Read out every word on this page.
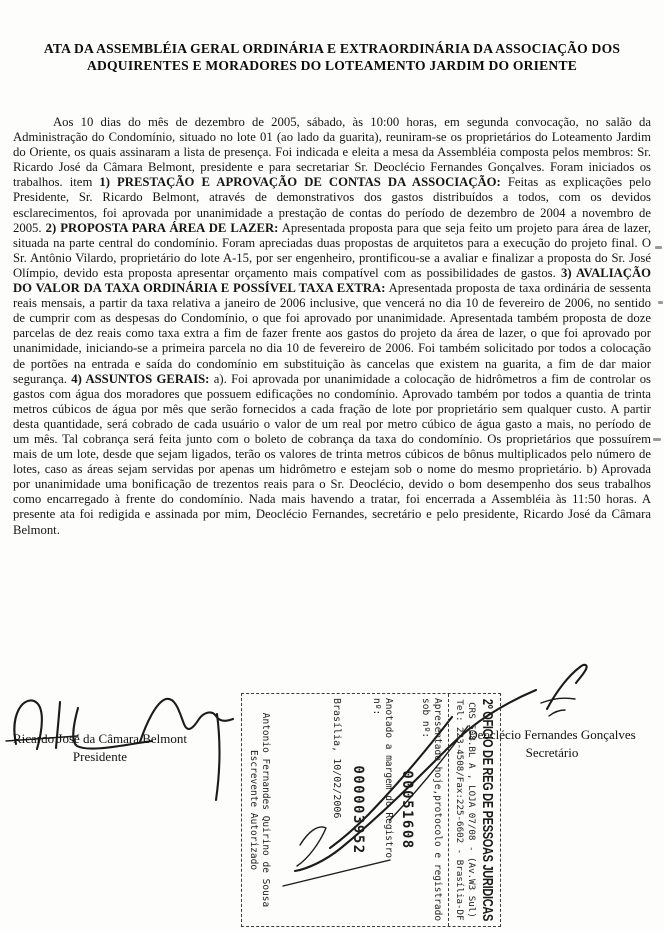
ATA DA ASSEMBLÉIA GERAL ORDINÁRIA E EXTRAORDINÁRIA DA ASSOCIAÇÃO DOS
ADQUIRENTES E MORADORES DO LOTEAMENTO JARDIM DO ORIENTE
Aos 10 dias do mês de dezembro de 2005, sábado, às 10:00 horas, em segunda convocação, no salão da Administração do Condomínio, situado no lote 01 (ao lado da guarita), reuniram-se os proprietários do Loteamento Jardim do Oriente, os quais assinaram a lista de presença. Foi indicada e eleita a mesa da Assembléia composta pelos membros: Sr. Ricardo José da Câmara Belmont, presidente e para secretariar Sr. Deoclécio Fernandes Gonçalves. Foram iniciados os trabalhos. item 1) PRESTAÇÃO E APROVAÇÃO DE CONTAS DA ASSOCIAÇÃO: Feitas as explicações pelo Presidente, Sr. Ricardo Belmont, através de demonstrativos dos gastos distribuídos a todos, com os devidos esclarecimentos, foi aprovada por unanimidade a prestação de contas do período de dezembro de 2004 a novembro de 2005. 2) PROPOSTA PARA ÁREA DE LAZER: Apresentada proposta para que seja feito um projeto para área de lazer, situada na parte central do condomínio. Foram apreciadas duas propostas de arquitetos para a execução do projeto final. O Sr. Antônio Vilardo, proprietário do lote A-15, por ser engenheiro, prontificou-se a avaliar e finalizar a proposta do Sr. José Olímpio, devido esta proposta apresentar orçamento mais compatível com as possibilidades de gastos. 3) AVALIAÇÃO DO VALOR DA TAXA ORDINÁRIA E POSSÍVEL TAXA EXTRA: Apresentada proposta de taxa ordinária de sessenta reais mensais, a partir da taxa relativa a janeiro de 2006 inclusive, que vencerá no dia 10 de fevereiro de 2006, no sentido de cumprir com as despesas do Condomínio, o que foi aprovado por unanimidade. Apresentada também proposta de doze parcelas de dez reais como taxa extra a fim de fazer frente aos gastos do projeto da área de lazer, o que foi aprovado por unanimidade, iniciando-se a primeira parcela no dia 10 de fevereiro de 2006. Foi também solicitado por todos a colocação de portões na entrada e saída do condomínio em substituição às cancelas que existem na guarita, a fim de dar maior segurança. 4) ASSUNTOS GERAIS: a). Foi aprovada por unanimidade a colocação de hidrômetros a fim de controlar os gastos com água dos moradores que possuem edificações no condomínio. Aprovado também por todos a quantia de trinta metros cúbicos de água por mês que serão fornecidos a cada fração de lote por proprietário sem qualquer custo. A partir desta quantidade, será cobrado de cada usuário o valor de um real por metro cúbico de água gasto a mais, no período de um mês. Tal cobrança será feita junto com o boleto de cobrança da taxa do condomínio. Os proprietários que possuírem mais de um lote, desde que sejam ligados, terão os valores de trinta metros cúbicos de bônus multiplicados pelo número de lotes, caso as áreas sejam servidas por apenas um hidrômetro e estejam sob o nome do mesmo proprietário. b) Aprovada por unanimidade uma bonificação de trezentos reais para o Sr. Deoclécio, devido o bom desempenho dos seus trabalhos como encarregado à frente do condomínio. Nada mais havendo a tratar, foi encerrada a Assembléia às 11:50 horas. A presente ata foi redigida e assinada por mim, Deoclécio Fernandes, secretário e pelo presidente, Ricardo José da Câmara Belmont.
Ricardo José da Câmara Belmont
Presidente
Deoclécio Fernandes Gonçalves
Secretário
2º OFICIO DE REG DE PESSOAS JURIDICAS
CRS 508.BL A , LOJA 07/08 - (Av.W3 Sul)
Tel: 223-4508/Fax:225-6602 - Brasília-DF
Apresentado hoje,protocolo e registrado
sob nº:
00051608
Anotado a margem do Registro
nº:
000003952
Brasília, 10/02/2006
Antonio Fernandes Quirino de Sousa
Escrevente Autorizado
